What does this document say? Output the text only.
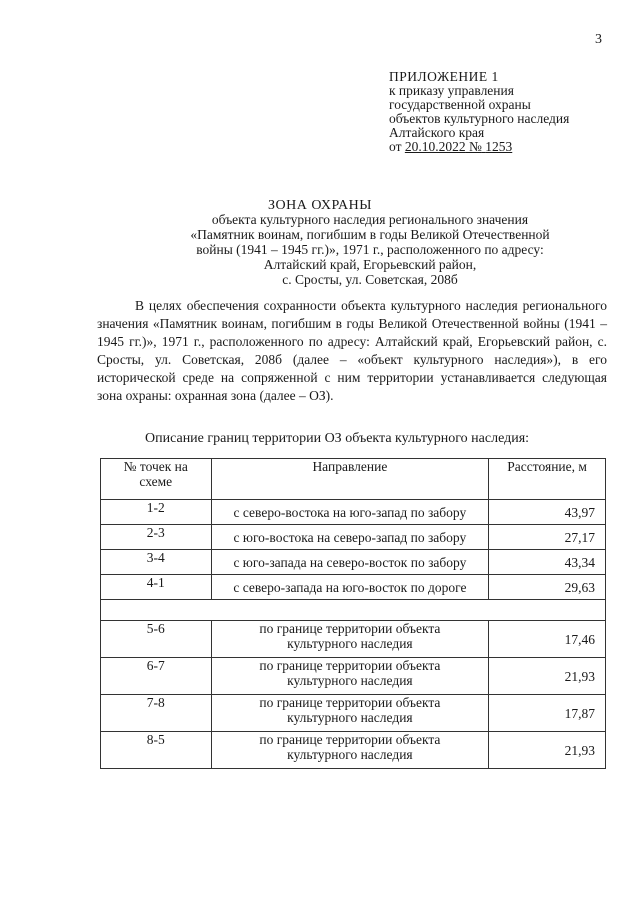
3
ПРИЛОЖЕНИЕ 1
к приказу управления
государственной охраны
объектов культурного наследия
Алтайского края
от 20.10.2022 № 1253
ЗОНА ОХРАНЫ
объекта культурного наследия регионального значения
«Памятник воинам, погибшим в годы Великой Отечественной
войны (1941 – 1945 гг.)», 1971 г., расположенного по адресу:
Алтайский край, Егорьевский район,
с. Сросты, ул. Советская, 208б
В целях обеспечения сохранности объекта культурного наследия регионального значения «Памятник воинам, погибшим в годы Великой Отечественной войны (1941 – 1945 гг.)», 1971 г., расположенного по адресу: Алтайский край, Егорьевский район, с. Сросты, ул. Советская, 208б (далее – «объект культурного наследия»), в его исторической среде на сопряженной с ним территории устанавливается следующая зона охраны: охранная зона (далее – ОЗ).
Описание границ территории ОЗ объекта культурного наследия:
№ точек на
схеме	Направление	Расстояние, м
1-2	с северо-востока на юго-запад по забору	43,97
2-3	с юго-востока на северо-запад по забору	27,17
3-4	с юго-запада на северо-восток по забору	43,34
4-1	с северо-запада на юго-восток по дороге	29,63

5-6	по границе территории объекта
культурного наследия	17,46
6-7	по границе территории объекта
культурного наследия	21,93
7-8	по границе территории объекта
культурного наследия	17,87
8-5	по границе территории объекта
культурного наследия	21,93
